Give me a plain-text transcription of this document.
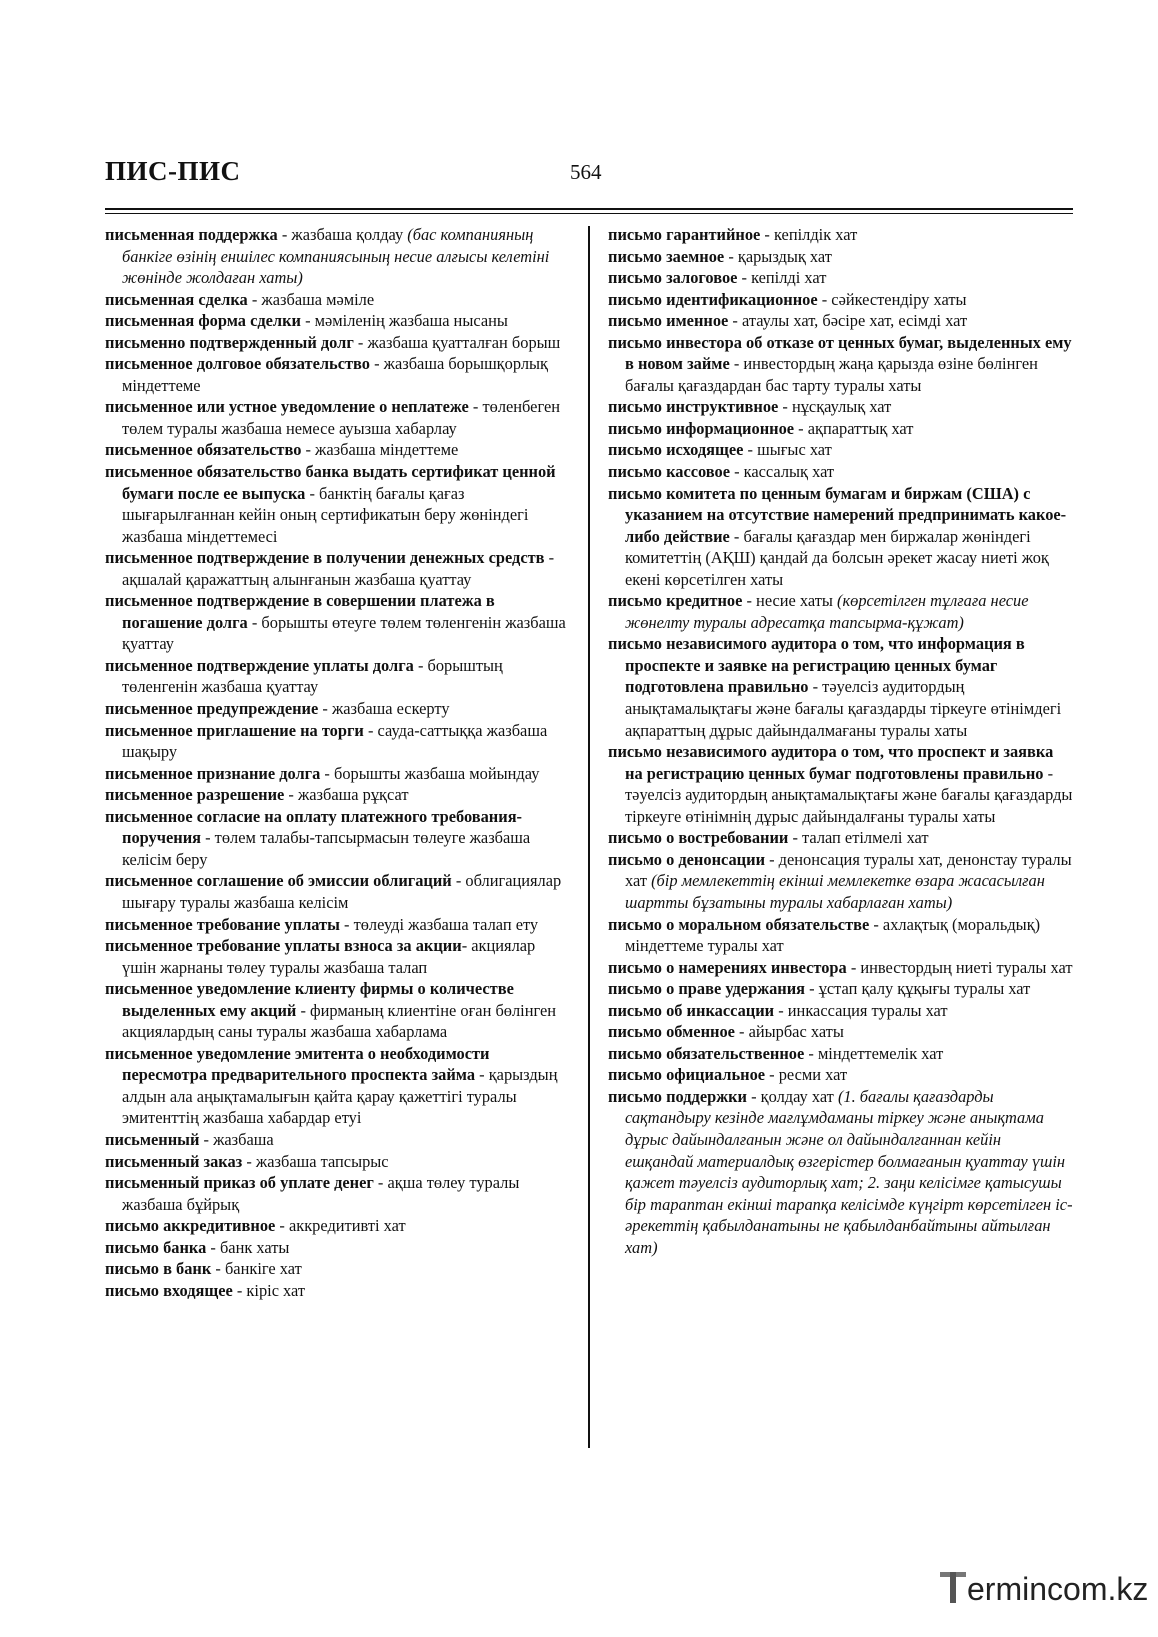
ПИС-ПИС	564

письменная поддержка - жазбаша қолдау (бас компанияның банкіге өзінің еншілес компаниясының несие алғысы келетіні жөнінде жолдаған хаты)

письменная сделка - жазбаша мәміле

письменная форма сделки - мәміленің жазбаша нысаны

письменно подтвержденный долг - жазбаша қуатталған борыш

письменное долговое обязательство - жазбаша борышқорлық міндеттеме

письменное или устное уведомление о неплатеже - төленбеген төлем туралы жазбаша немесе ауызша хабарлау

письменное обязательство - жазбаша міндеттеме

письменное обязательство банка выдать сертификат ценной бумаги после ее выпуска - банктің бағалы қағаз шығарылғаннан кейін оның сертификатын беру жөніндегі жазбаша міндеттемесі

письменное подтверждение в получении денежных средств - ақшалай қаражаттың алынғанын жазбаша қуаттау

письменное подтверждение в совершении платежа в погашение долга - борышты өтеуге төлем төленгенін жазбаша қуаттау

письменное подтверждение уплаты долга - борыштың төленгенін жазбаша қуаттау

письменное предупреждение - жазбаша ескерту

письменное приглашение на торги - сауда-саттыққа жазбаша шақыру

письменное признание долга - борышты жазбаша мойындау

письменное разрешение - жазбаша рұқсат

письменное согласие на оплату платежного требования-поручения - төлем талабы-тапсырмасын төлеуге жазбаша келісім беру

письменное соглашение об эмиссии облигаций - облигациялар шығару туралы жазбаша келісім

письменное требование уплаты - төлеуді жазбаша талап ету

письменное требование уплаты взноса за акции- акциялар үшін жарнаны төлеу туралы жазбаша талап

письменное уведомление клиенту фирмы о количестве выделенных ему акций - фирманың клиентіне оған бөлінген акциялардың саны туралы жазбаша хабарлама

письменное уведомление эмитента о необходимости пересмотра предварительного проспекта займа - қарыздың алдын ала аңықтамалығын қайта қарау қажеттігі туралы эмитенттің жазбаша хабардар етуі

письменный - жазбаша

письменный заказ - жазбаша тапсырыс

письменный приказ об уплате денег - ақша төлеу туралы жазбаша бұйрық

письмо аккредитивное - аккредитивті хат

письмо банка - банк хаты

письмо в банк - банкіге хат

письмо входящее - кіріс хат

письмо гарантийное - кепілдік хат

письмо заемное - қарыздық хат

письмо залоговое - кепілді хат

письмо идентификационное - сәйкестендіру хаты

письмо именное - атаулы хат, бәсіре хат, есімді хат

письмо инвестора об отказе от ценных бумаг, выделенных ему в новом займе - инвестордың жаңа қарызда өзіне бөлінген бағалы қағаздардан бас тарту туралы хаты

письмо инструктивное - нұсқаулық хат

письмо информационное - ақпараттық хат

письмо исходящее - шығыс хат

письмо кассовое - кассалық хат

письмо комитета по ценным бумагам и биржам (США) с указанием на отсутствие намерений предпринимать какое-либо действие - бағалы қағаздар мен биржалар жөніндегі комитеттің (АҚШ) қандай да болсын әрекет жасау ниеті жоқ екені көрсетілген хаты

письмо кредитное - несие хаты (көрсетілген тұлғаға несие жөнелту туралы адресатқа тапсырма-құжат)

письмо независимого аудитора о том, что информация в проспекте и заявке на регистрацию ценных бумаг подготовлена правильно - тәуелсіз аудитордың анықтамалықтағы және бағалы қағаздарды тіркеуге өтінімдегі ақпараттың дұрыс дайындалмағаны туралы хаты

письмо независимого аудитора о том, что проспект и заявка на регистрацию ценных бумаг подготовлены правильно - тәуелсіз аудитордың анықтамалықтағы және бағалы қағаздарды тіркеуге өтінімнің дұрыс дайындалғаны туралы хаты

письмо о востребовании - талап етілмелі хат

письмо о денонсации - денонсация туралы хат, денонстау туралы хат (бір мемлекеттің екінші мемлекетке өзара жасасылған шартты бұзатыны туралы хабарлаған хаты)

письмо о моральном обязательстве - ахлақтық (моральдық) міндеттеме туралы хат

письмо о намерениях инвестора - инвестордың ниеті туралы хат

письмо о праве удержания - ұстап қалу құқығы туралы хат

письмо об инкассации - инкассация туралы хат

письмо обменное - айырбас хаты

письмо обязательственное - міндеттемелік хат

письмо официальное - ресми хат

письмо поддержки - қолдау хат (1. бағалы қағаздарды сақтандыру кезінде мағлұмдаманы тіркеу және анықтама дұрыс дайындалғанын және ол дайындалғаннан кейін ешқандай материалдық өзгерістер болмағанын қуаттау үшін қажет тәуелсіз аудиторлық хат; 2. заңи келісімге қатысушы бір тараптан екінші тарапқа келісімде күңгірт көрсетілген іс-әрекеттің қабылданатыны не қабылданбайтыны айтылған хат)

ermincom.kz
